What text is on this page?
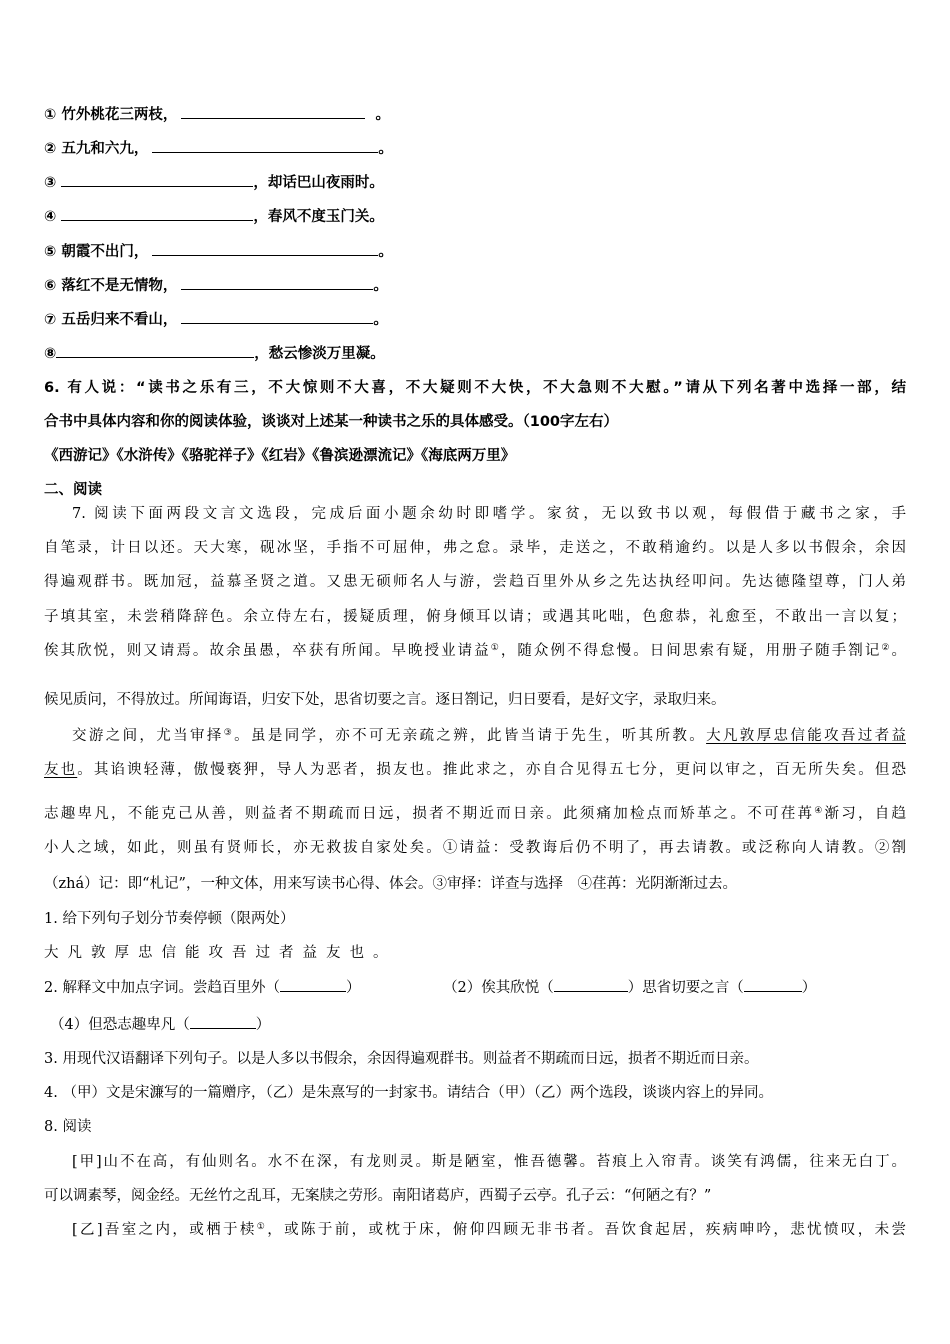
① 竹外桃花三两枝，	。
② 五九和六九，	。
③	，却话巴山夜雨时。
④	，春风不度玉门关。
⑤ 朝霞不出门，	。
⑥ 落红不是无情物，	。
⑦ 五岳归来不看山，	。
⑧	，愁云惨淡万里凝。
6. 有人说：“读书之乐有三，不大惊则不大喜，不大疑则不大快，不大急则不大慰。”请从下列名著中选择一部，结
合书中具体内容和你的阅读体验，谈谈对上述某一种读书之乐的具体感受。（100字左右）
《西游记》《水浒传》《骆驼祥子》《红岩》《鲁滨逊漂流记》《海底两万里》
二、阅读
7. 阅读下面两段文言文选段，完成后面小题余幼时即嗜学。家贫，无以致书以观，每假借于藏书之家，手
自笔录，计日以还。天大寒，砚冰坚，手指不可屈伸，弗之怠。录毕，走送之，不敢稍逾约。以是人多以书假余，余因
得遍观群书。既加冠，益慕圣贤之道。又患无硕师名人与游，尝趋百里外从乡之先达执经叩问。先达德隆望尊，门人弟
子填其室，未尝稍降辞色。余立侍左右，援疑质理，俯身倾耳以请；或遇其叱咄，色愈恭，礼愈至，不敢出一言以复；
俟其欣悦，则又请焉。故余虽愚，卒获有所闻。早晚授业请益①，随众例不得怠慢。日间思索有疑，用册子随手劄记②。
候见质问，不得放过。所闻诲语，归安下处，思省切要之言。逐日劄记，归日要看，是好文字，录取归来。
交游之间，尤当审择③。虽是同学，亦不可无亲疏之辨，此皆当请于先生，听其所教。大凡敦厚忠信能攻吾过者益
友也。其谄谀轻薄，傲慢亵狎，导人为恶者，损友也。推此求之，亦自合见得五七分，更问以审之，百无所失矣。但恐
志趣卑凡，不能克己从善，则益者不期疏而日远，损者不期近而日亲。此须痛加检点而矫革之。不可荏苒④渐习，自趋
小人之域，如此，则虽有贤师长，亦无救拔自家处矣。①请益：受教诲后仍不明了，再去请教。或泛称向人请教。②劄
（zhá）记：即“札记”，一种文体，用来写读书心得、体会。③审择：详查与选择　④荏苒：光阴渐渐过去。
1. 给下列句子划分节奏停顿（限两处）
大凡敦厚忠信能攻吾过者益友也。
2. 解释文中加点字词。尝趋百里外（	）	（2）俟其欣悦（	）思省切要之言（	）
（4）但恐志趣卑凡（	）
3. 用现代汉语翻译下列句子。以是人多以书假余，余因得遍观群书。则益者不期疏而日远，损者不期近而日亲。
4. （甲）文是宋濂写的一篇赠序，（乙）是朱熹写的一封家书。请结合（甲）（乙）两个选段，谈谈内容上的异同。
8. 阅读
[甲]山不在高，有仙则名。水不在深，有龙则灵。斯是陋室，惟吾德馨。苔痕上入帘青。谈笑有鸿儒，往来无白丁。
可以调素琴，阅金经。无丝竹之乱耳，无案牍之劳形。南阳诸葛庐，西蜀子云亭。孔子云：“何陋之有？”
[乙]吾室之内，或栖于椟①，或陈于前，或枕于床，俯仰四顾无非书者。吾饮食起居，疾病呻吟，悲忧愤叹，未尝
